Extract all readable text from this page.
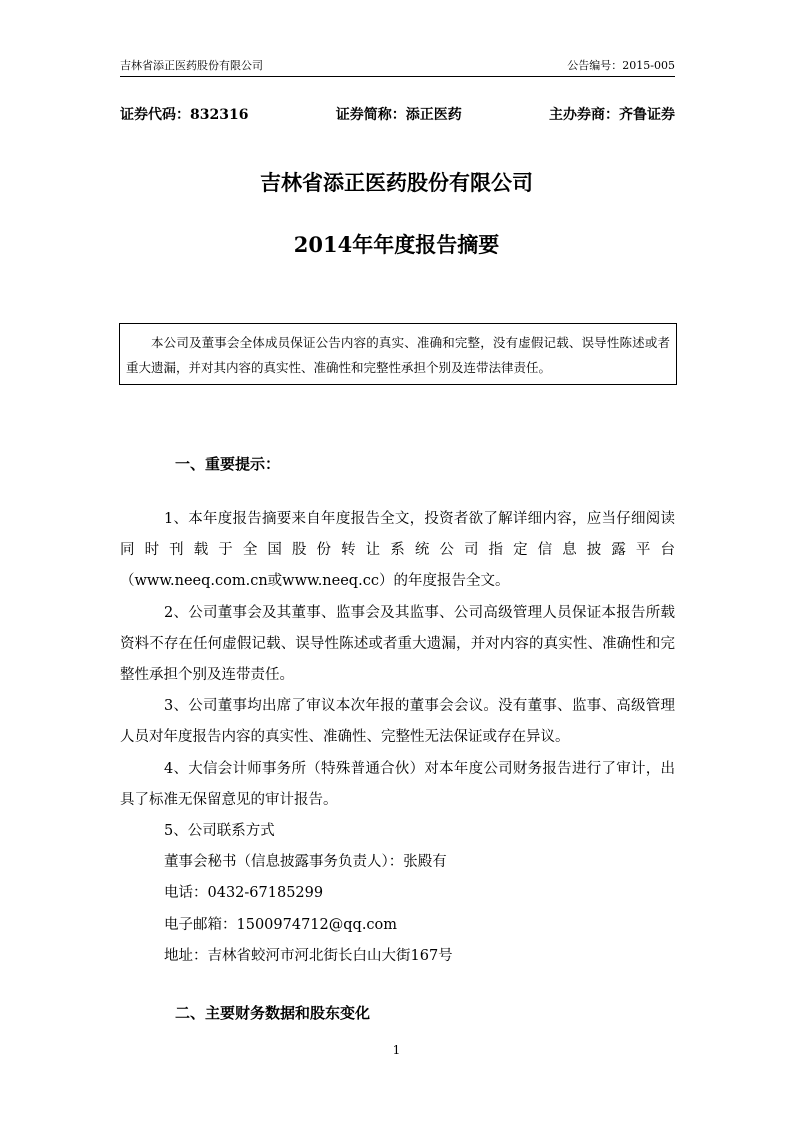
吉林省添正医药股份有限公司	公告编号：2015-005
证券代码：832316	证券简称：添正医药	主办券商：齐鲁证券
吉林省添正医药股份有限公司
2014年年度报告摘要

本公司及董事会全体成员保证公告内容的真实、准确和完整，没有虚假记载、误导性陈述或者重大遗漏，并对其内容的真实性、准确性和完整性承担个别及连带法律责任。

一、重要提示：

1、本年度报告摘要来自年度报告全文，投资者欲了解详细内容，应当仔细阅读同时刊载于全国股份转让系统公司指定信息披露平台

（www.neeq.com.cn或www.neeq.cc）的年度报告全文。

2、公司董事会及其董事、监事会及其监事、公司高级管理人员保证本报告所载资料不存在任何虚假记载、误导性陈述或者重大遗漏，并对内容的真实性、准确性和完整性承担个别及连带责任。

3、公司董事均出席了审议本次年报的董事会会议。没有董事、监事、高级管理人员对年度报告内容的真实性、准确性、完整性无法保证或存在异议。

4、大信会计师事务所（特殊普通合伙）对本年度公司财务报告进行了审计，出具了标准无保留意见的审计报告。

5、公司联系方式

董事会秘书（信息披露事务负责人）：张殿有

电话：0432-67185299

电子邮箱：1500974712@qq.com

地址：吉林省蛟河市河北街长白山大街167号

二、主要财务数据和股东变化
1
